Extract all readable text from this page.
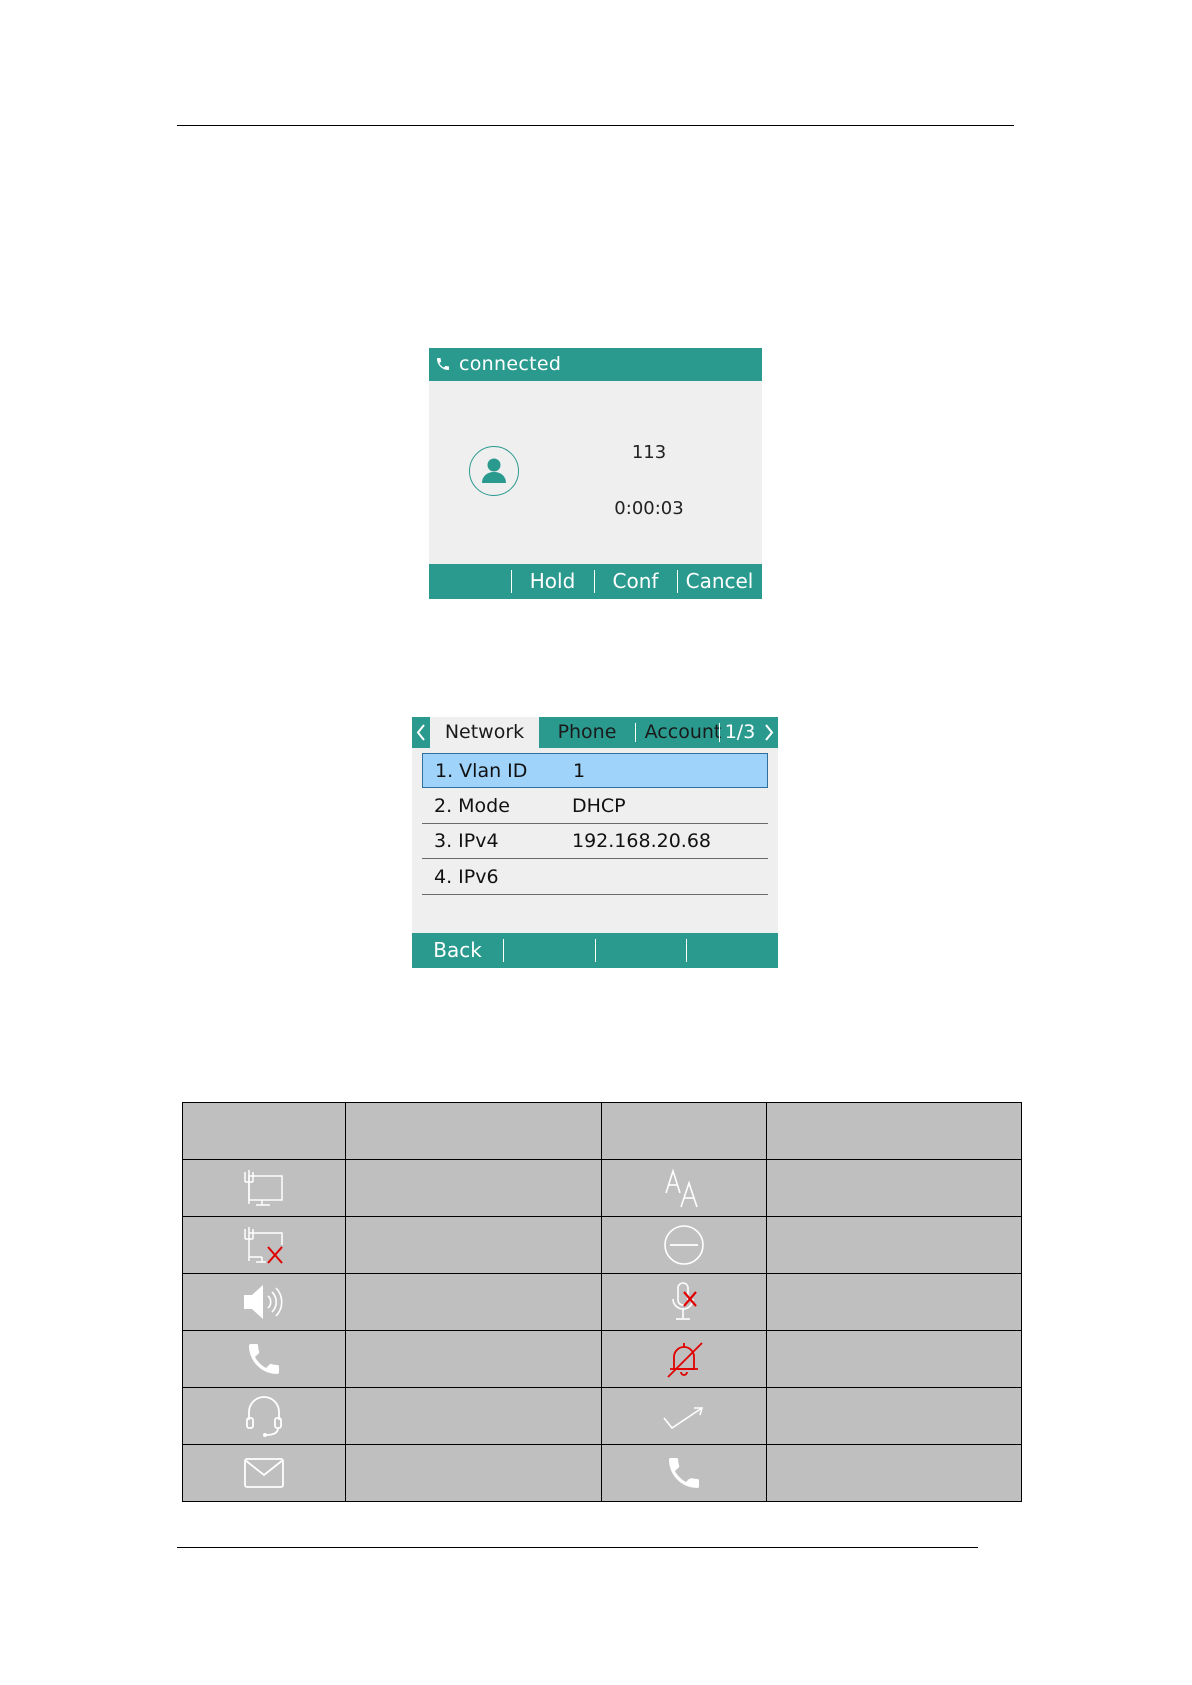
connected
113
0:00:03
Hold	Conf	Cancel
Network	Phone	Account 1/3
1. Vlan ID 1
2. Mode	DHCP
3. IPv4	192.168.20.68
4. IPv6
Back
